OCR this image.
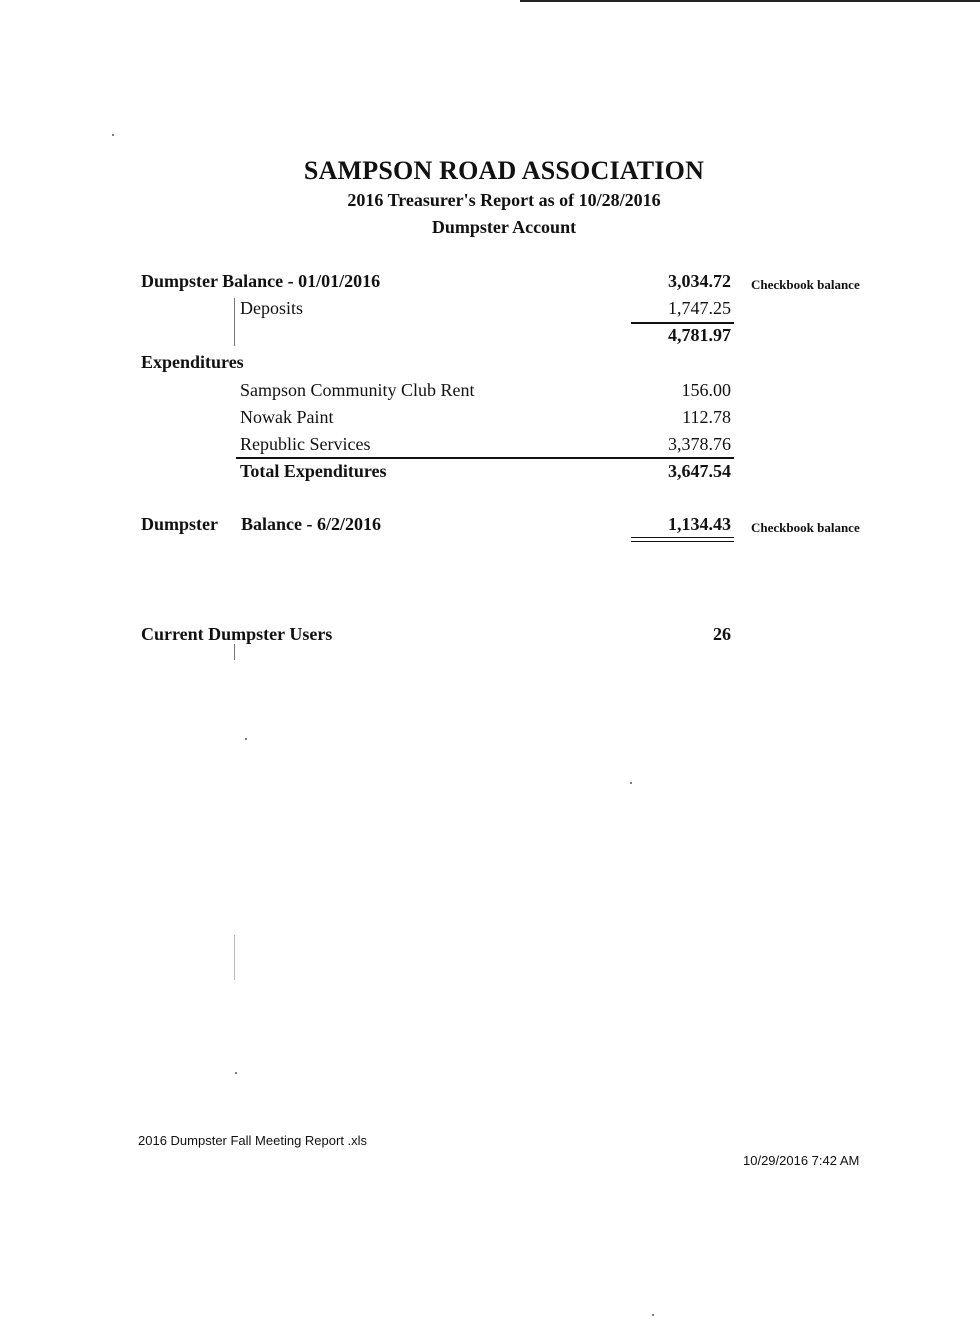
SAMPSON ROAD ASSOCIATION
2016 Treasurer's Report as of 10/28/2016
Dumpster Account
Dumpster Balance - 01/01/2016	3,034.72 Checkbook balance
Deposits	1,747.25
4,781.97
Expenditures
Sampson Community Club Rent	156.00
Nowak Paint	112.78
Republic Services	3,378.76
Total Expenditures	3,647.54
Dumpster Balance - 6/2/2016	1,134.43 Checkbook balance
Current Dumpster Users	26
2016 Dumpster Fall Meeting Report .xls
10/29/2016 7:42 AM
